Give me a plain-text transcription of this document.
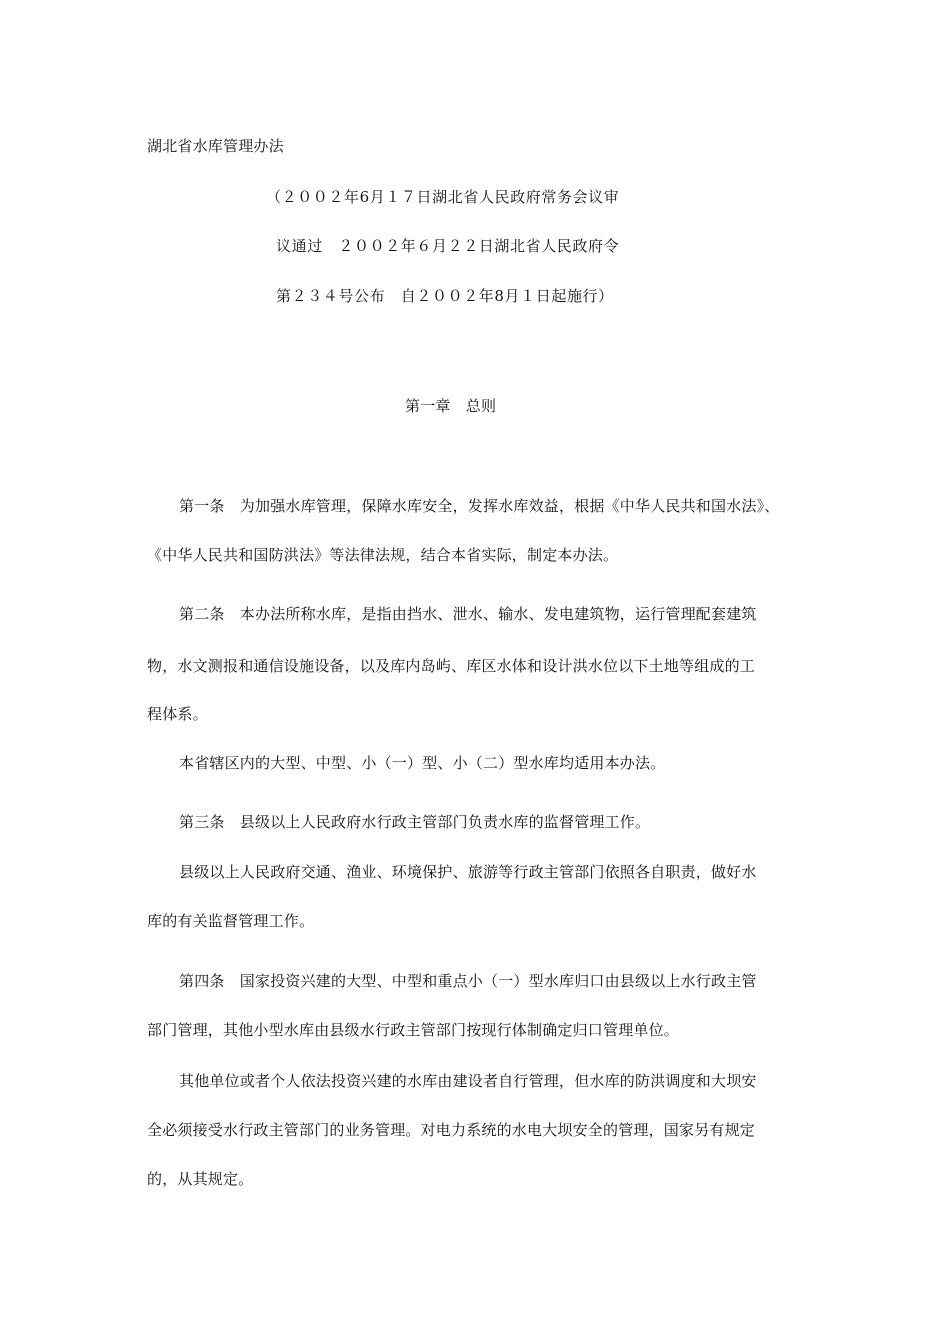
湖北省水库管理办法
（２００２年6月１７日湖北省人民政府常务会议审
议通过　２００２年６月２２日湖北省人民政府令
第２３４号公布　自２００２年8月１日起施行）
第一章　总则
第一条　为加强水库管理，保障水库安全，发挥水库效益，根据《中华人民共和国水法》、
《中华人民共和国防洪法》等法律法规，结合本省实际，制定本办法。
第二条　本办法所称水库，是指由挡水、泄水、输水、发电建筑物，运行管理配套建筑
物，水文测报和通信设施设备，以及库内岛屿、库区水体和设计洪水位以下土地等组成的工
程体系。
本省辖区内的大型、中型、小（一）型、小（二）型水库均适用本办法。
第三条　县级以上人民政府水行政主管部门负责水库的监督管理工作。
县级以上人民政府交通、渔业、环境保护、旅游等行政主管部门依照各自职责，做好水
库的有关监督管理工作。
第四条　国家投资兴建的大型、中型和重点小（一）型水库归口由县级以上水行政主管
部门管理，其他小型水库由县级水行政主管部门按现行体制确定归口管理单位。
其他单位或者个人依法投资兴建的水库由建设者自行管理，但水库的防洪调度和大坝安
全必须接受水行政主管部门的业务管理。对电力系统的水电大坝安全的管理，国家另有规定
的，从其规定。
